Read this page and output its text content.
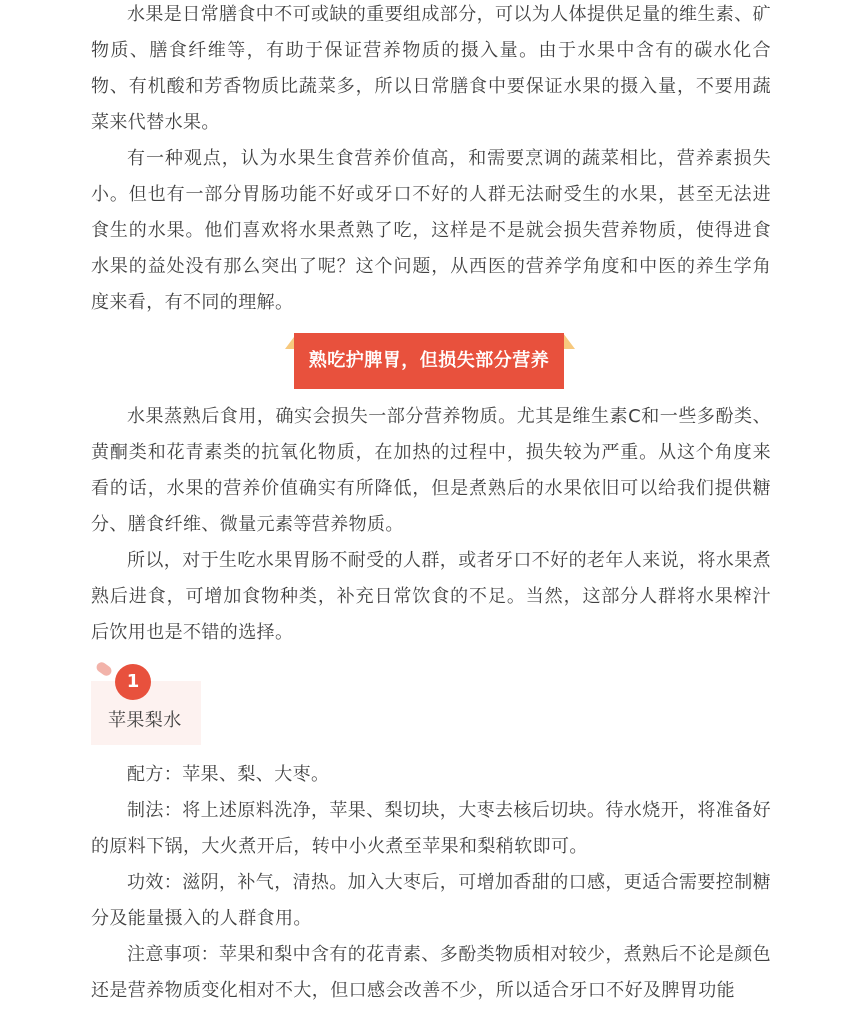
水果是日常膳食中不可或缺的重要组成部分，可以为人体提供足量的维生素、矿物质、膳食纤维等，有助于保证营养物质的摄入量。由于水果中含有的碳水化合物、有机酸和芳香物质比蔬菜多，所以日常膳食中要保证水果的摄入量，不要用蔬菜来代替水果。

有一种观点，认为水果生食营养价值高，和需要烹调的蔬菜相比，营养素损失小。但也有一部分胃肠功能不好或牙口不好的人群无法耐受生的水果，甚至无法进食生的水果。他们喜欢将水果煮熟了吃，这样是不是就会损失营养物质，使得进食水果的益处没有那么突出了呢？这个问题，从西医的营养学角度和中医的养生学角度来看，有不同的理解。

熟吃护脾胃，但损失部分营养

水果蒸熟后食用，确实会损失一部分营养物质。尤其是维生素C和一些多酚类、黄酮类和花青素类的抗氧化物质，在加热的过程中，损失较为严重。从这个角度来看的话，水果的营养价值确实有所降低，但是煮熟后的水果依旧可以给我们提供糖分、膳食纤维、微量元素等营养物质。

所以，对于生吃水果胃肠不耐受的人群，或者牙口不好的老年人来说，将水果煮熟后进食，可增加食物种类，补充日常饮食的不足。当然，这部分人群将水果榨汁后饮用也是不错的选择。

1
苹果梨水

配方：苹果、梨、大枣。

制法：将上述原料洗净，苹果、梨切块，大枣去核后切块。待水烧开，将准备好的原料下锅，大火煮开后，转中小火煮至苹果和梨稍软即可。

功效：滋阴，补气，清热。加入大枣后，可增加香甜的口感，更适合需要控制糖分及能量摄入的人群食用。

注意事项：苹果和梨中含有的花青素、多酚类物质相对较少，煮熟后不论是颜色还是营养物质变化相对不大，但口感会改善不少，所以适合牙口不好及脾胃功能
